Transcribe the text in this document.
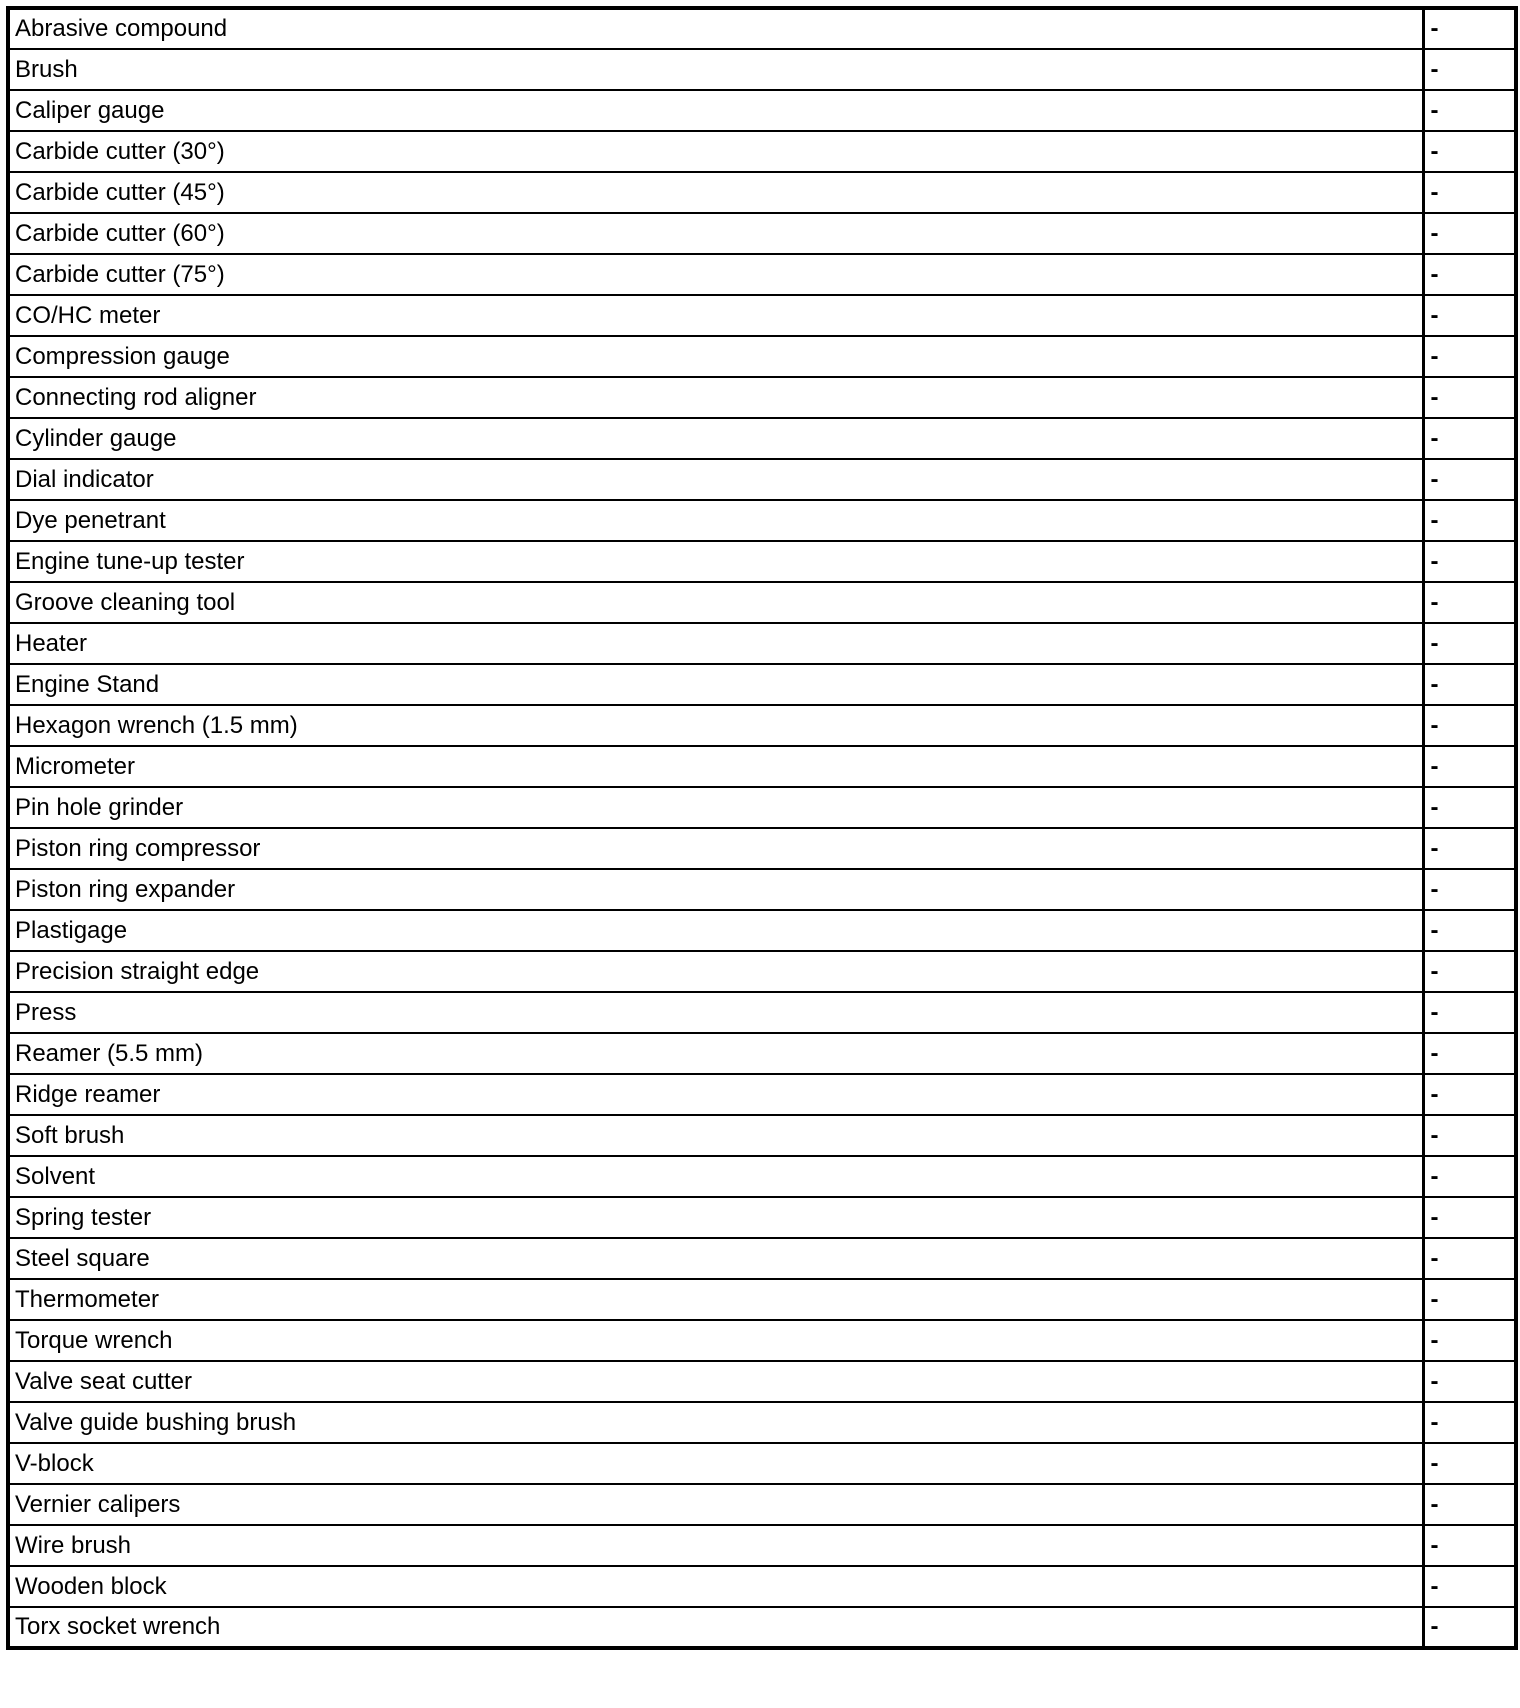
Abrasive compound	-
Brush	-
Caliper gauge	-
Carbide cutter (30°)	-
Carbide cutter (45°)	-
Carbide cutter (60°)	-
Carbide cutter (75°)	-
CO/HC meter	-
Compression gauge	-
Connecting rod aligner	-
Cylinder gauge	-
Dial indicator	-
Dye penetrant	-
Engine tune-up tester	-
Groove cleaning tool	-
Heater	-
Engine Stand	-
Hexagon wrench (1.5 mm)	-
Micrometer	-
Pin hole grinder	-
Piston ring compressor	-
Piston ring expander	-
Plastigage	-
Precision straight edge	-
Press	-
Reamer (5.5 mm)	-
Ridge reamer	-
Soft brush	-
Solvent	-
Spring tester	-
Steel square	-
Thermometer	-
Torque wrench	-
Valve seat cutter	-
Valve guide bushing brush	-
V-block	-
Vernier calipers	-
Wire brush	-
Wooden block	-
Torx socket wrench	-
